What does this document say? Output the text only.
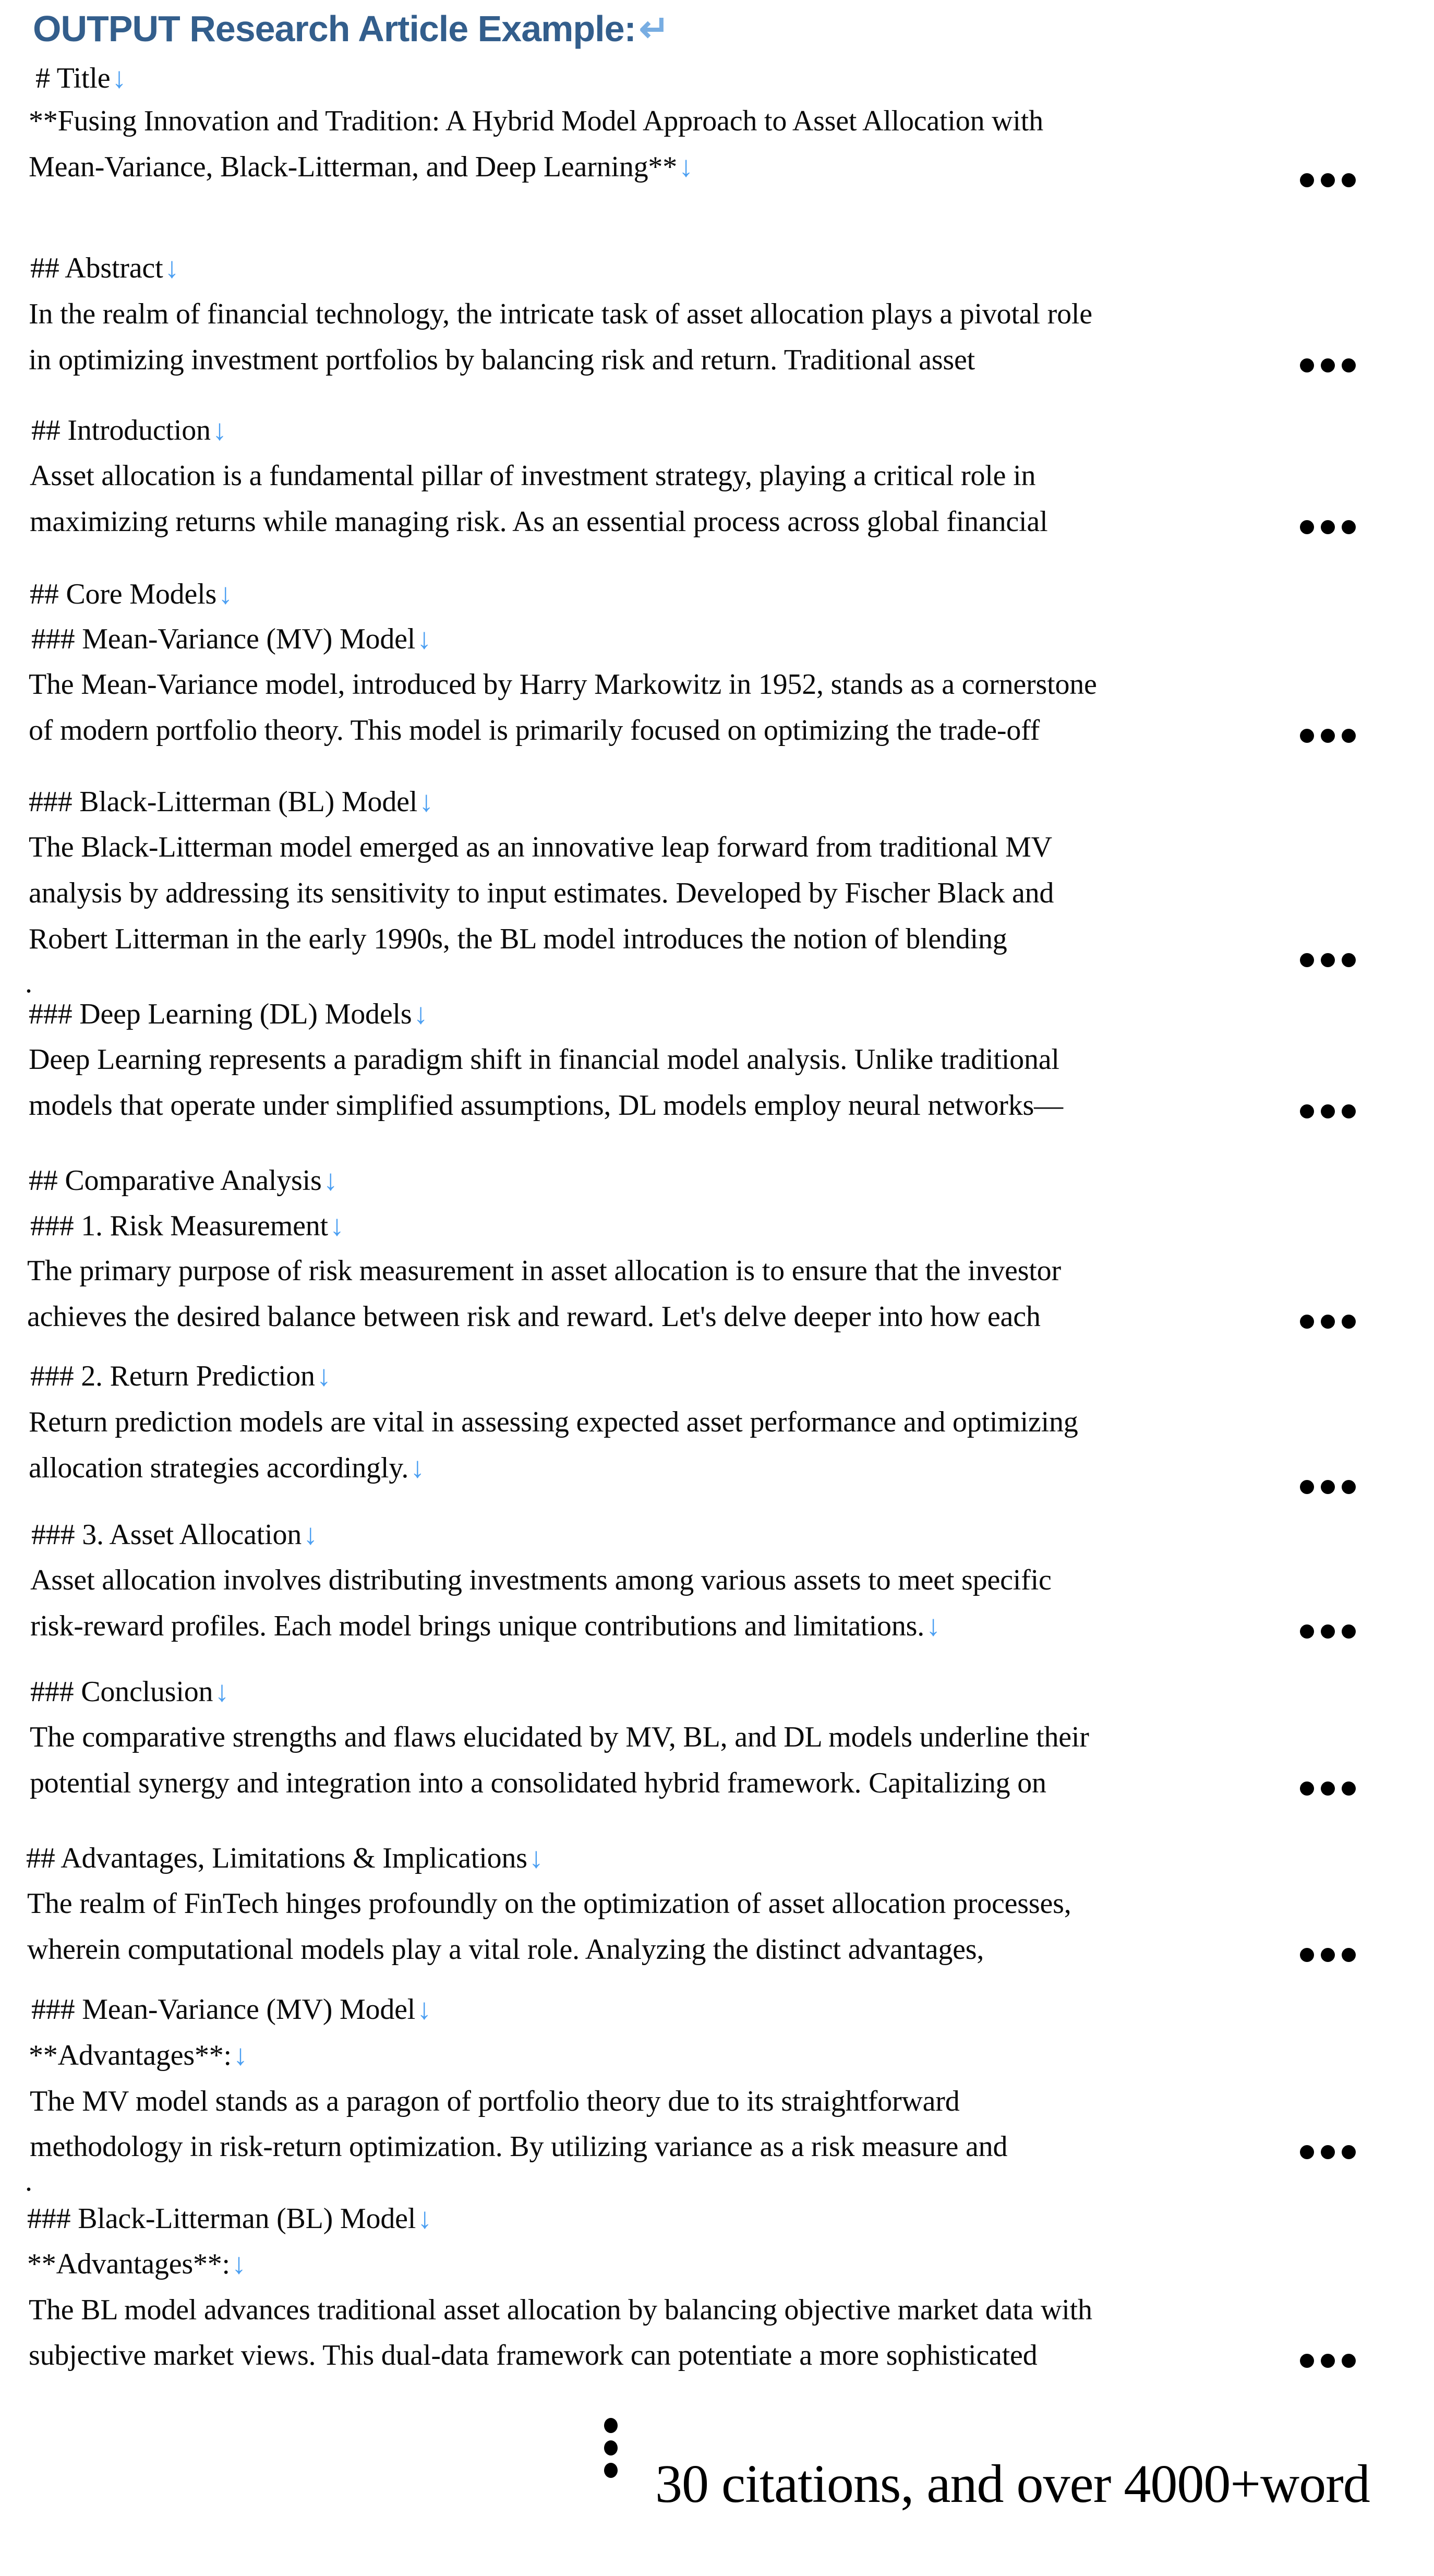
OUTPUT Research Article Example:↵
# Title↓
**Fusing Innovation and Tradition: A Hybrid Model Approach to Asset Allocation with
Mean-Variance, Black-Litterman, and Deep Learning**↓
## Abstract↓
In the realm of financial technology, the intricate task of asset allocation plays a pivotal role
in optimizing investment portfolios by balancing risk and return. Traditional asset
## Introduction↓
Asset allocation is a fundamental pillar of investment strategy, playing a critical role in
maximizing returns while managing risk. As an essential process across global financial
## Core Models↓
### Mean-Variance (MV) Model↓
The Mean-Variance model, introduced by Harry Markowitz in 1952, stands as a cornerstone
of modern portfolio theory. This model is primarily focused on optimizing the trade-off
### Black-Litterman (BL) Model↓
The Black-Litterman model emerged as an innovative leap forward from traditional MV
analysis by addressing its sensitivity to input estimates. Developed by Fischer Black and
Robert Litterman in the early 1990s, the BL model introduces the notion of blending
.
### Deep Learning (DL) Models↓
Deep Learning represents a paradigm shift in financial model analysis. Unlike traditional
models that operate under simplified assumptions, DL models employ neural networks—
## Comparative Analysis↓
### 1. Risk Measurement↓
The primary purpose of risk measurement in asset allocation is to ensure that the investor
achieves the desired balance between risk and reward. Let's delve deeper into how each
### 2. Return Prediction↓
Return prediction models are vital in assessing expected asset performance and optimizing
allocation strategies accordingly.↓
### 3. Asset Allocation↓
Asset allocation involves distributing investments among various assets to meet specific
risk-reward profiles. Each model brings unique contributions and limitations.↓
### Conclusion↓
The comparative strengths and flaws elucidated by MV, BL, and DL models underline their
potential synergy and integration into a consolidated hybrid framework. Capitalizing on
## Advantages, Limitations & Implications↓
The realm of FinTech hinges profoundly on the optimization of asset allocation processes,
wherein computational models play a vital role. Analyzing the distinct advantages,
### Mean-Variance (MV) Model↓
**Advantages**:↓
The MV model stands as a paragon of portfolio theory due to its straightforward
methodology in risk-return optimization. By utilizing variance as a risk measure and
.
### Black-Litterman (BL) Model↓
**Advantages**:↓
The BL model advances traditional asset allocation by balancing objective market data with
subjective market views. This dual-data framework can potentiate a more sophisticated
30 citations, and over 4000+word
